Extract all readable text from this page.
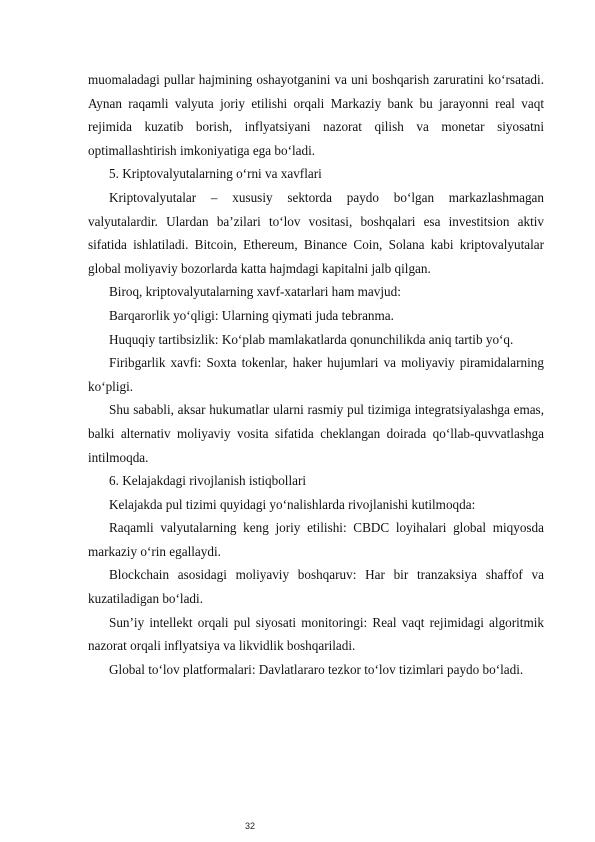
muomaladagi pullar hajmining oshayotganini va uni boshqarish zaruratini ko‘rsatadi. Aynan raqamli valyuta joriy etilishi orqali Markaziy bank bu jarayonni real vaqt rejimida kuzatib borish, inflyatsiyani nazorat qilish va monetar siyosatni optimallashtirish imkoniyatiga ega bo‘ladi.

5. Kriptovalyutalarning o‘rni va xavflari

Kriptovalyutalar – xususiy sektorda paydo bo‘lgan markazlashmagan valyutalardir. Ulardan ba’zilari to‘lov vositasi, boshqalari esa investitsion aktiv sifatida ishlatiladi. Bitcoin, Ethereum, Binance Coin, Solana kabi kriptovalyutalar global moliyaviy bozorlarda katta hajmdagi kapitalni jalb qilgan.

Biroq, kriptovalyutalarning xavf-xatarlari ham mavjud:

Barqarorlik yo‘qligi: Ularning qiymati juda tebranma.

Huquqiy tartibsizlik: Ko‘plab mamlakatlarda qonunchilikda aniq tartib yo‘q.

Firibgarlik xavfi: Soxta tokenlar, haker hujumlari va moliyaviy piramidalarning ko‘pligi.

Shu sababli, aksar hukumatlar ularni rasmiy pul tizimiga integratsiyalashga emas, balki alternativ moliyaviy vosita sifatida cheklangan doirada qo‘llab-quvvatlashga intilmoqda.

6. Kelajakdagi rivojlanish istiqbollari

Kelajakda pul tizimi quyidagi yo‘nalishlarda rivojlanishi kutilmoqda:

Raqamli valyutalarning keng joriy etilishi: CBDC loyihalari global miqyosda markaziy o‘rin egallaydi.

Blockchain asosidagi moliyaviy boshqaruv: Har bir tranzaksiya shaffof va kuzatiladigan bo‘ladi.

Sun’iy intellekt orqali pul siyosati monitoringi: Real vaqt rejimidagi algoritmik nazorat orqali inflyatsiya va likvidlik boshqariladi.

Global to‘lov platformalari: Davlatlararo tezkor to‘lov tizimlari paydo bo‘ladi.

32
